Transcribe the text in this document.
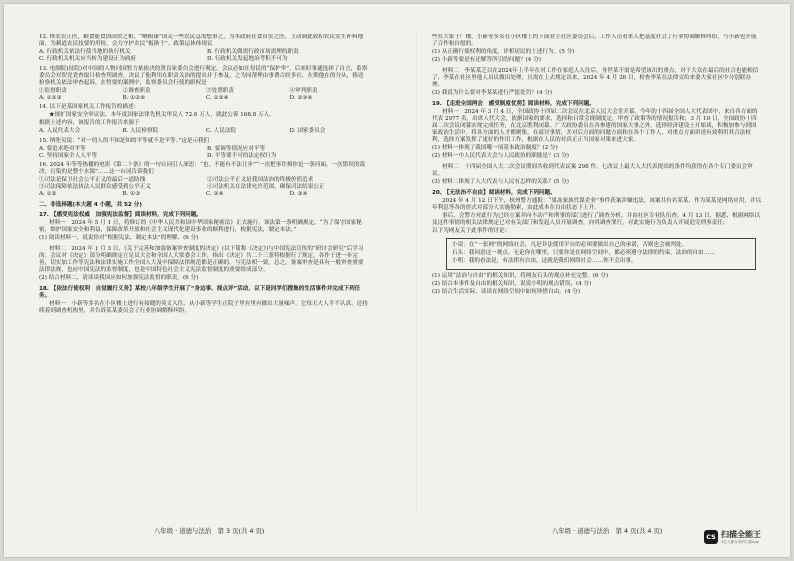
12. 恢农农正医，粮食能食固国贸之相，“晒粮康”国关一些农民急需想事之，为本政府在食首实之医，主动调此政积农民实生补料地面，为刺道农民技要的用检，会力守护农民“板换于”。政策运体体现议

A. 行政机关依法行使当地的执行机关	B. 行政机关做需行政市场需理的职责
C. 行政机关机关应当转为建设正为政府	D. 行政机关发起地治考积不可为

13. 电制院(征院)对中国的人物河国暂力依依决的贤良家委员会进行观定。会议必如在每民的“保护伞”，后来时事通选择了自言，监察委员会对贺党党查取日检查判调查，决议了他利用在职责关治的提出并于参及，之为同帮理由事费合经多社，在期他在的分从，移送检察机关依法审查起诉，在暂要的案例中，监察委员会行使的职权是

①监督职责	②调查职责	③处置职责	④审判职责
A. ①②③	B. ①②④	C. ①③④	D. ②③④

14. 以下是某国家机关工作报告的描述：

★规扩国家安全审议法，本年度国家法律先机关审议人 72.6 万人，就此公诉 168.8 万人。

根据上述内容，该报告的工作报告来源于

A. 人民代表大会	B. 人民检察院	C. 人民法院	D. 国家委员会

15. 纳兜吴说：“对一切人的不知是知的平等就不是平等。”这是示我们

A. 要追求绝对平等	B. 要调等情况应对平等
C. 坚持国家全人人平等	D. 平等要不可的法定权行为

16. 2024 年等等热播的电影《第二十条》的一句台词引人深思：“也，不能有不法让步”“一次把事许损你是一条河面，一次错误的裁决，污染的是整个水源”……这一台词告诉我们

①司法是保卫社会公平正义的最后一道防线	②司法公平正义是我国法治的终极价值追求
③司法保障依法执法人民群众感受到公平正义	④司法机关在法律允许范围，确保司法结果公正
A. ①②	B. ①③	C. ②④	D. ③④

二、非选择题(本大题 4 小题，共 52 分)

17. 【感受宪法权威　加强宪法监督】阅读材料，完成下列问题。

材料一　2024 年 5 月 1 日，将修订的《中华人民共和国中华国家秘密法》正式施行。该法第一条明确规定，“为了保守国家秘密，维护国家安全和利益，保障改革开放和社会主义现代化建设事业的顺利进行，根据宪法，制定本法。”

(1) 阅读材料一，说说你对“根据宪法，制定本法”的理解。(6 分)

材料二　2024 年 1 月 3 日，《关于完善和加强备案审查制度的决定》(以下简称《决定》)与中国宪法宣传的“研讨会研究”后学习的。会议对《决定》部分明确规定立足员大会和全国人大常委会工作，指出《决定》共二十三条特根据行了规定，各作于进一步完善，切实加工作等宪法和法律实施工作全国人大及中保障法律规范都是正确的，与宪法相一致。总之，备案审查是具有一般审查重要法律法规，也应中国宪法的监督制度，也是中国特色社会主义宪法监督制度的重要组成部分。

(2) 结合材料二，请谈谈我国应如何加强宪法监督的职责。(6 分)

18. 【依法行使权利　自觉履行义务】某校八年级学生开展了“身边事、探点评”活动，以下是同学们搜集的生活事件并完成下列任务。

材料一　小新等多名在小区楼上进行有接缝的英文入住，从小新等学生正院子里有里有做出大量噪声。它每天大人平不认真，还持续着到调查机构里，并告诉某某委员会了行业协调解释纠纷。

些在大家于厂楼，小新等多名在小区楼上的下面业主社区委员会后，工作人员看来人把基度社会了行业协调解释纠纷，与小新也开展了合作和自愿的。

(1) 从正确行使权利的角度，评析居民的上述行为。(5 分)

(2) 小新等要是有还解答所引的问题？(4 分)

材料二　李某某乏目在2024年上半年在对工作在家庭人入住后，身世某不需是希望该出的重点，对于大众在最后的社合也能相信了，李某在社区里他人员议做出处理，且需在上去规定出来，2024 年 4 月 26 日，检查李某在法律交给来委大家社区中分别联办理。

(3) 我说为什么要对李某某进行严惩处罚？(4 分)

19. 【走进全国两会　感受制度优势】阅读材料，完成下列问题。

材料一　2024 年 3 月 4 日，全国政协十四届二次会议在北京人民大会堂开幕。今年的十四届全国人大代表团中，来自各方面的代表 2977 名，出席人代大会，依据国家的要求，选择和日常会规制度定，审查了政策等的情况报告和，3 月 10 日，全国政协十四届二次会议闭幕实现完成任务，在北京胜利闭幕。广大政协委员在各参建的国家大事之外，选择经济建设上开始谈，积极加参与到国家政治生活中，将各方面的人才都聚集，在商讨事情，并对后方面的问题方面和在各个工作人，对重点方面讲述有效利用其合法权利，选择方案发挥了更好的作用工作，根据在人民的对真正正当国家对策来进大家。

(1) 材料一体现了我国哪一项基本政治制度？(2 分)

(2) 材料一中人民代表大会与人民政协的职能是？(3 分)

材料二　十四届全国人大二次会议期间共收到代表议案 298 件，七改议上最大人大代表提出的条件均获得在各个专门委员会审议。

(3) 材料二体现了人大代表与人民有怎样的关系？(5 分)

20. 【无法治不自由】阅读材料，完成下列问题。

2024 年 4 月 12 日下午，杭州警方通报：“果冻家族代谋企业”事件获案涉嫌违法，该案共有名某某、作为某某是网络应用，并以年利息等各的形式对部分人实施勒索，由此成本在自由状态下上升。

事后，会警方对此行为已经立案并向不动产和刑事的部门进行了调查分析，并由社区专业队伍查，4 月 13 日，据悉，根据网络以及这件事情的相关法律规定已对有关部门和发起人员开展调查，向其调查罪行，对此实施行为负责人开展追究刑事责任。

以下为网友关于此事件的讨论：

小说：在“一张网”的网络社会，凡是非法使用平台的必须要做出自己的承诺，否则也会被判处。

石头：我同意这一观点。无论你在哪里，只要你是在网络空间中，都必须遵守法律的约束，法治的自由……

小明：我的看法是，有法律有自由，这就是我们网络社会……你不会出事。

(1) 运用“法治与自由”的相关知识，将网友石头的观点补充完整。(6 分)

(2) 结合本事件及自由的相关知识，说说小明的观点错误，(4 分)

(3) 结合生活实际，谈谈在网络空间中如何珍惜自由。(4 分)

八年级 · 道德与法治　第 3 页(共 4 页)	八年级 · 道德与法治　第 4 页(共 4 页)
CS 扫描全能王
3亿人都在用的扫描App
